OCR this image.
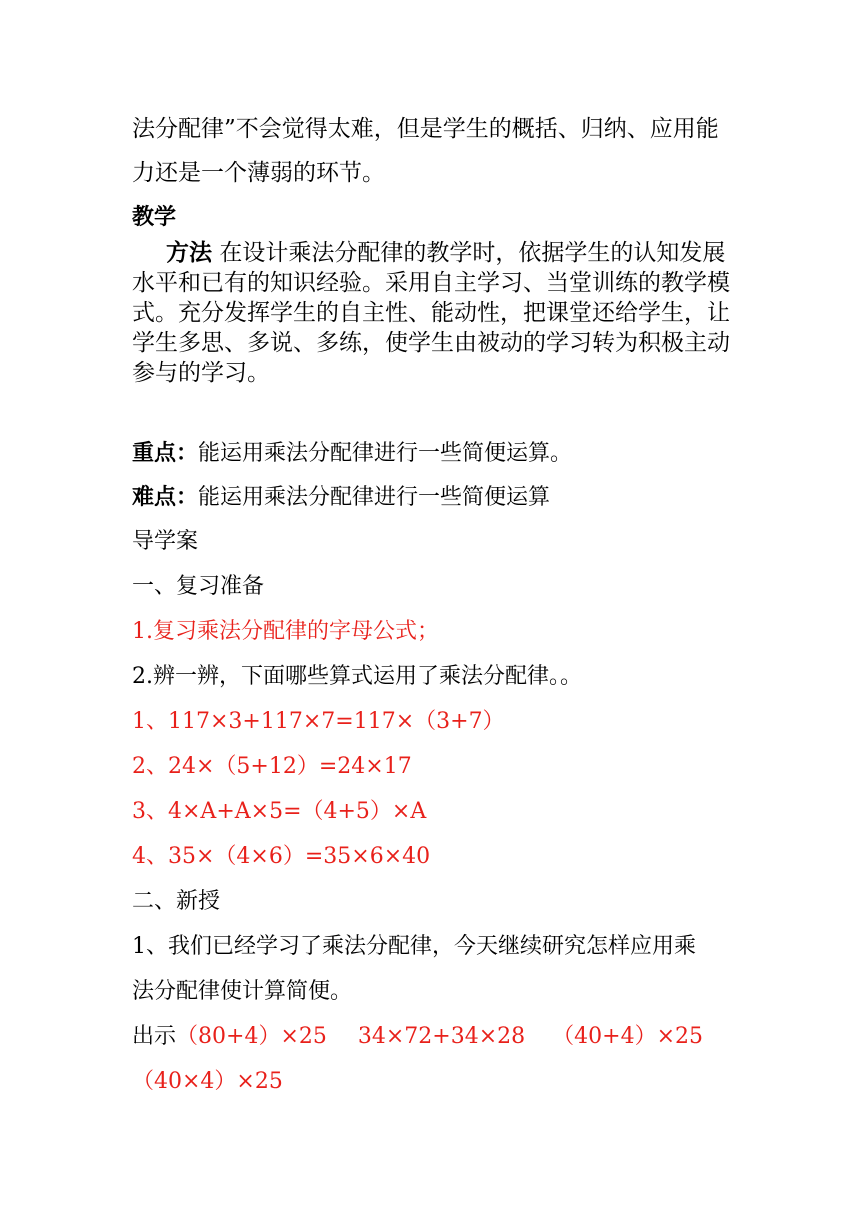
法分配律”不会觉得太难，但是学生的概括、归纳、应用能
力还是一个薄弱的环节。
教学
方法 在设计乘法分配律的教学时，依据学生的认知发展
水平和已有的知识经验。采用自主学习、当堂训练的教学模
式。充分发挥学生的自主性、能动性，把课堂还给学生，让
学生多思、多说、多练，使学生由被动的学习转为积极主动
参与的学习。
重点：能运用乘法分配律进行一些简便运算。
难点：能运用乘法分配律进行一些简便运算
导学案
一、复习准备
1.复习乘法分配律的字母公式；
2.辨一辨，下面哪些算式运用了乘法分配律。。
1、117×3+117×7=117×（3+7）
2、24×（5+12）=24×17
3、4×A+A×5=（4+5）×A
4、35×（4×6）=35×6×40
二、新授
1、我们已经学习了乘法分配律，今天继续研究怎样应用乘
法分配律使计算简便。
出示（80+4）×25 34×72+34×28 （40+4）×25
（40×4）×25
